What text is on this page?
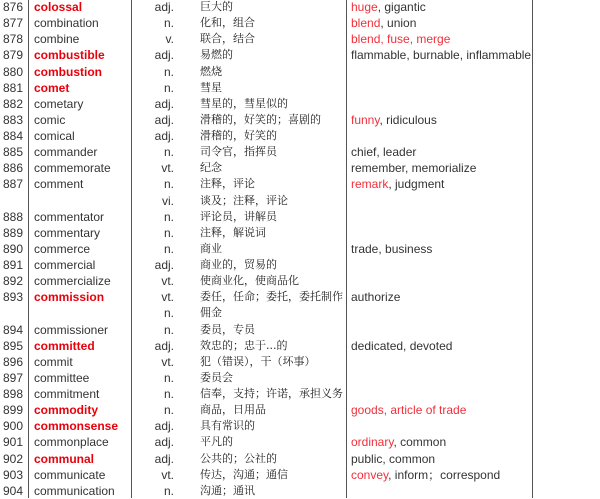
876 colossal	adj. 巨大的	huge, gigantic
877 combination	n. 化和，组合	blend, union
878 combine	v. 联合，结合	blend, fuse, merge
879 combustible	adj. 易燃的	flammable, burnable, inflammable
880 combustion	n. 燃烧
881 comet	n. 彗星
882 cometary	adj. 彗星的，彗星似的
883 comic	adj. 滑稽的，好笑的；喜剧的	funny, ridiculous
884 comical	adj. 滑稽的，好笑的
885 commander	n. 司令官，指挥员	chief, leader
886 commemorate	vt. 纪念	remember, memorialize
887 comment	n. 注释，评论	remark, judgment
vi. 谈及；注释，评论
888 commentator	n. 评论员，讲解员
889 commentary	n. 注释，解说词
890 commerce	n. 商业	trade, business
891 commercial	adj. 商业的，贸易的
892 commercialize	vt. 使商业化，使商品化
893 commission	vt. 委任，任命；委托，委托制作 authorize
n. 佣金
894 commissioner	n. 委员，专员
895 committed	adj. 效忠的；忠于...的	dedicated, devoted
896 commit	vt. 犯（错误），干（坏事）
897 committee	n. 委员会
898 commitment	n. 信奉，支持；许诺，承担义务
899 commodity	n. 商品，日用品	goods, article of trade
900 commonsense	adj. 具有常识的
901 commonplace	adj. 平凡的	ordinary, common
902 communal	adj. 公共的；公社的	public, common
903 communicate	vt. 传达，沟通；通信	convey, inform；correspond
904 communication	n. 沟通；通讯
